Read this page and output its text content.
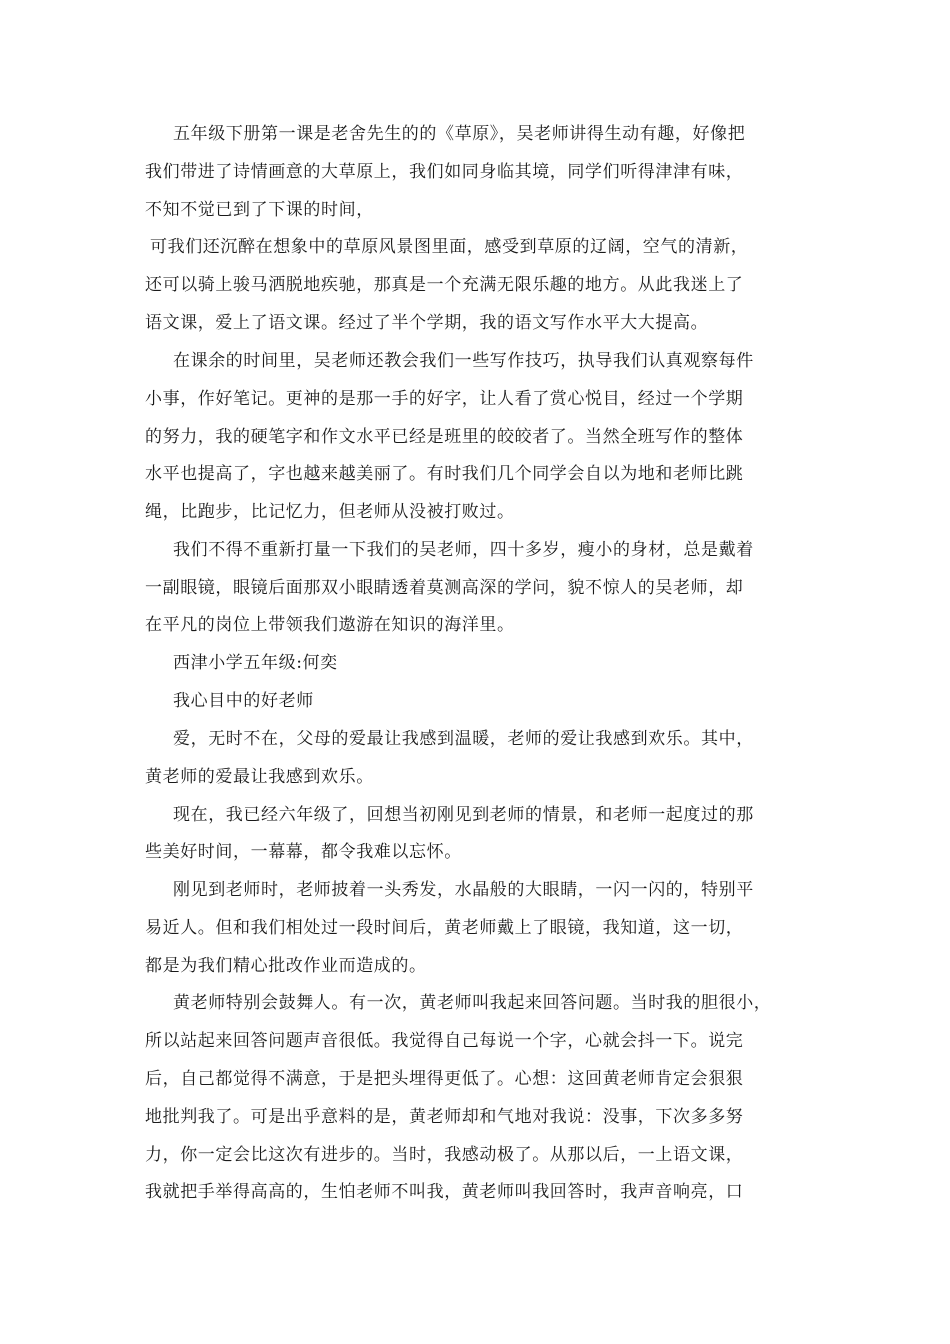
五年级下册第一课是老舍先生的的《草原》，吴老师讲得生动有趣，好像把
我们带进了诗情画意的大草原上，我们如同身临其境，同学们听得津津有味，
不知不觉已到了下课的时间，
可我们还沉醉在想象中的草原风景图里面，感受到草原的辽阔，空气的清新，
还可以骑上骏马洒脱地疾驰，那真是一个充满无限乐趣的地方。从此我迷上了
语文课，爱上了语文课。经过了半个学期，我的语文写作水平大大提高。
在课余的时间里，吴老师还教会我们一些写作技巧，执导我们认真观察每件
小事，作好笔记。更神的是那一手的好字，让人看了赏心悦目，经过一个学期
的努力，我的硬笔字和作文水平已经是班里的皎皎者了。当然全班写作的整体
水平也提高了，字也越来越美丽了。有时我们几个同学会自以为地和老师比跳
绳，比跑步，比记忆力，但老师从没被打败过。
我们不得不重新打量一下我们的吴老师，四十多岁，瘦小的身材，总是戴着
一副眼镜，眼镜后面那双小眼睛透着莫测高深的学问，貌不惊人的吴老师，却
在平凡的岗位上带领我们遨游在知识的海洋里。
西津小学五年级:何奕
我心目中的好老师
爱，无时不在，父母的爱最让我感到温暖，老师的爱让我感到欢乐。其中，
黄老师的爱最让我感到欢乐。
现在，我已经六年级了，回想当初刚见到老师的情景，和老师一起度过的那
些美好时间，一幕幕，都令我难以忘怀。
刚见到老师时，老师披着一头秀发，水晶般的大眼睛，一闪一闪的，特别平
易近人。但和我们相处过一段时间后，黄老师戴上了眼镜，我知道，这一切，
都是为我们精心批改作业而造成的。
黄老师特别会鼓舞人。有一次，黄老师叫我起来回答问题。当时我的胆很小，
所以站起来回答问题声音很低。我觉得自己每说一个字，心就会抖一下。说完
后，自己都觉得不满意，于是把头埋得更低了。心想：这回黄老师肯定会狠狠
地批判我了。可是出乎意料的是，黄老师却和气地对我说：没事，下次多多努
力，你一定会比这次有进步的。当时，我感动极了。从那以后，一上语文课，
我就把手举得高高的，生怕老师不叫我，黄老师叫我回答时，我声音响亮，口
